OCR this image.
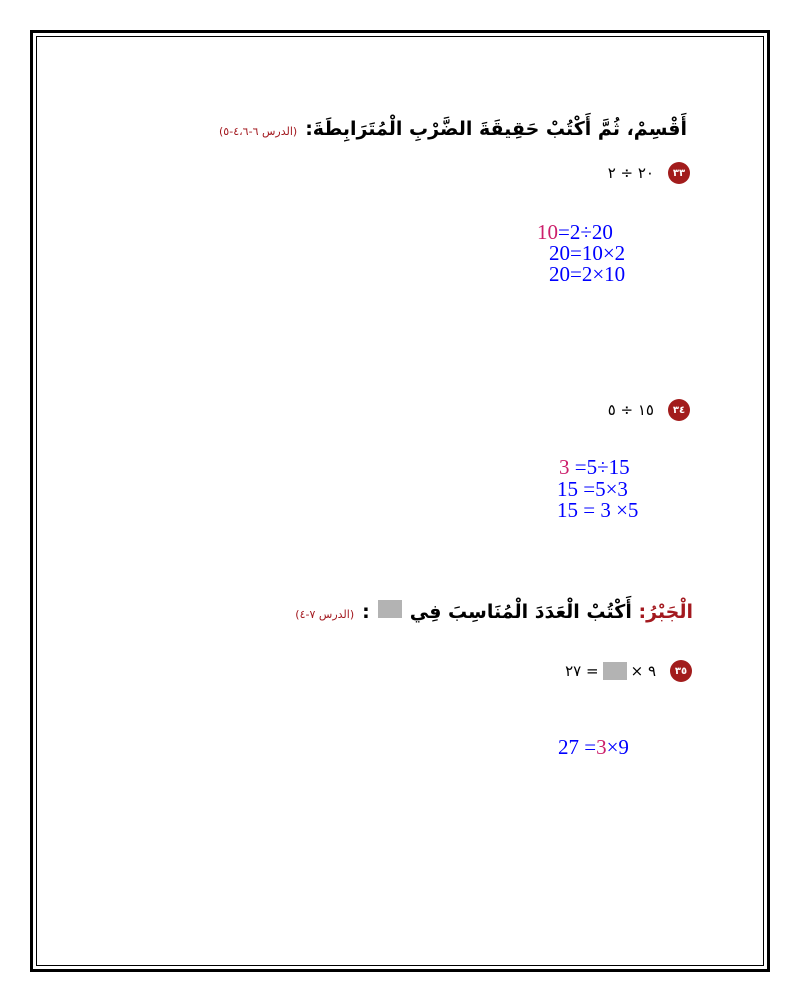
أَقْسِمْ، ثُمَّ أَكْتُبْ حَقِيقَةَ الضَّرْبِ الْمُتَرَابِطَةَ:
(الدرس ٦-٤،٦-٥)
٣٣
٢٠ ÷ ٢
10=2÷20
20=10×2
20=2×10
٣٤
١٥ ÷ ٥
3 =5÷15
15 =5×3
15 = 3 ×5
الْجَبْرُ: أَكْتُبْ الْعَدَدَ الْمُنَاسِبَ فِي
:
(الدرس ٧-٤)
٣٥
٩ ×
= ٢٧
27 =3×9
